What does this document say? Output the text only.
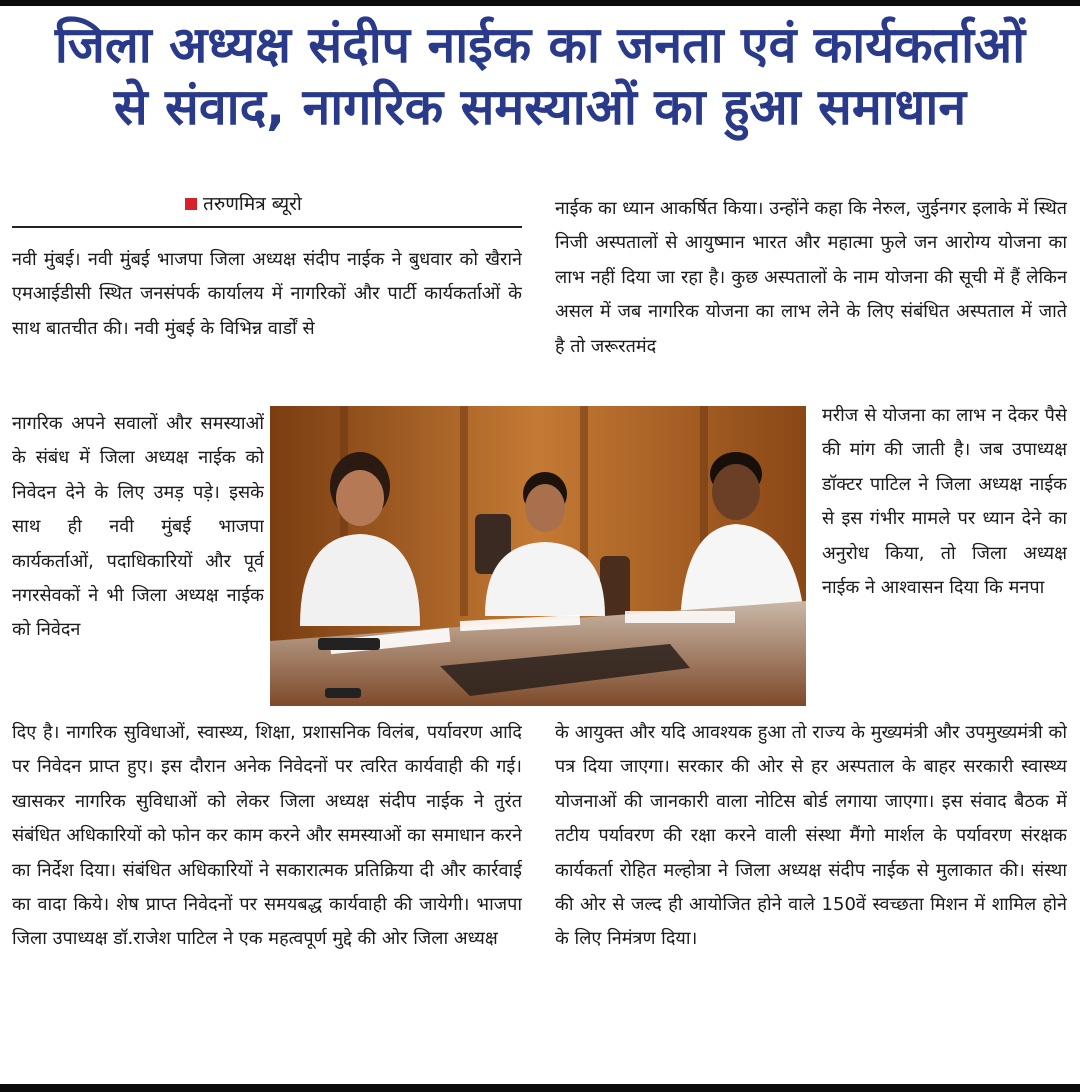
जिला अध्यक्ष संदीप नाईक का जनता एवं कार्यकर्ताओं
से संवाद, नागरिक समस्याओं का हुआ समाधान
तरुणमित्र ब्यूरो

नवी मुंबई। नवी मुंबई भाजपा जिला अध्यक्ष संदीप नाईक ने बुधवार को खैराने एमआईडीसी स्थित जनसंपर्क कार्यालय में नागरिकों और पार्टी कार्यकर्ताओं के साथ बातचीत की। नवी मुंबई के विभिन्न वार्डों से

नागरिक अपने सवालों और समस्याओं के संबंध में जिला अध्यक्ष नाईक को निवेदन देने के लिए उमड़ पड़े। इसके साथ ही नवी मुंबई भाजपा कार्यकर्ताओं, पदाधिकारियों और पूर्व नगरसेवकों ने भी जिला अध्यक्ष नाईक को निवेदन

दिए है। नागरिक सुविधाओं, स्वास्थ्य, शिक्षा, प्रशासनिक विलंब, पर्यावरण आदि पर निवेदन प्राप्त हुए। इस दौरान अनेक निवेदनों पर त्वरित कार्यवाही की गई। खासकर नागरिक सुविधाओं को लेकर जिला अध्यक्ष संदीप नाईक ने तुरंत संबंधित अधिकारियों को फोन कर काम करने और समस्याओं का समाधान करने का निर्देश दिया। संबंधित अधिकारियों ने सकारात्मक प्रतिक्रिया दी और कार्रवाई का वादा किये। शेष प्राप्त निवेदनों पर समयबद्ध कार्यवाही की जायेगी। भाजपा जिला उपाध्यक्ष डॉ.राजेश पाटिल ने एक महत्वपूर्ण मुद्दे की ओर जिला अध्यक्ष

नाईक का ध्यान आकर्षित किया। उन्होंने कहा कि नेरुल, जुईनगर इलाके में स्थित निजी अस्पतालों से आयुष्मान भारत और महात्मा फुले जन आरोग्य योजना का लाभ नहीं दिया जा रहा है। कुछ अस्पतालों के नाम योजना की सूची में हैं लेकिन असल में जब नागरिक योजना का लाभ लेने के लिए संबंधित अस्पताल में जाते है तो जरूरतमंद

मरीज से योजना का लाभ न देकर पैसे की मांग की जाती है। जब उपाध्यक्ष डॉक्टर पाटिल ने जिला अध्यक्ष नाईक से इस गंभीर मामले पर ध्यान देने का अनुरोध किया, तो जिला अध्यक्ष नाईक ने आश्वासन दिया कि मनपा

के आयुक्त और यदि आवश्यक हुआ तो राज्य के मुख्यमंत्री और उपमुख्यमंत्री को पत्र दिया जाएगा। सरकार की ओर से हर अस्पताल के बाहर सरकारी स्वास्थ्य योजनाओं की जानकारी वाला नोटिस बोर्ड लगाया जाएगा। इस संवाद बैठक में तटीय पर्यावरण की रक्षा करने वाली संस्था मैंगो मार्शल के पर्यावरण संरक्षक कार्यकर्ता रोहित मल्होत्रा ने जिला अध्यक्ष संदीप नाईक से मुलाकात की। संस्था की ओर से जल्द ही आयोजित होने वाले 150वें स्वच्छता मिशन में शामिल होने के लिए निमंत्रण दिया।
